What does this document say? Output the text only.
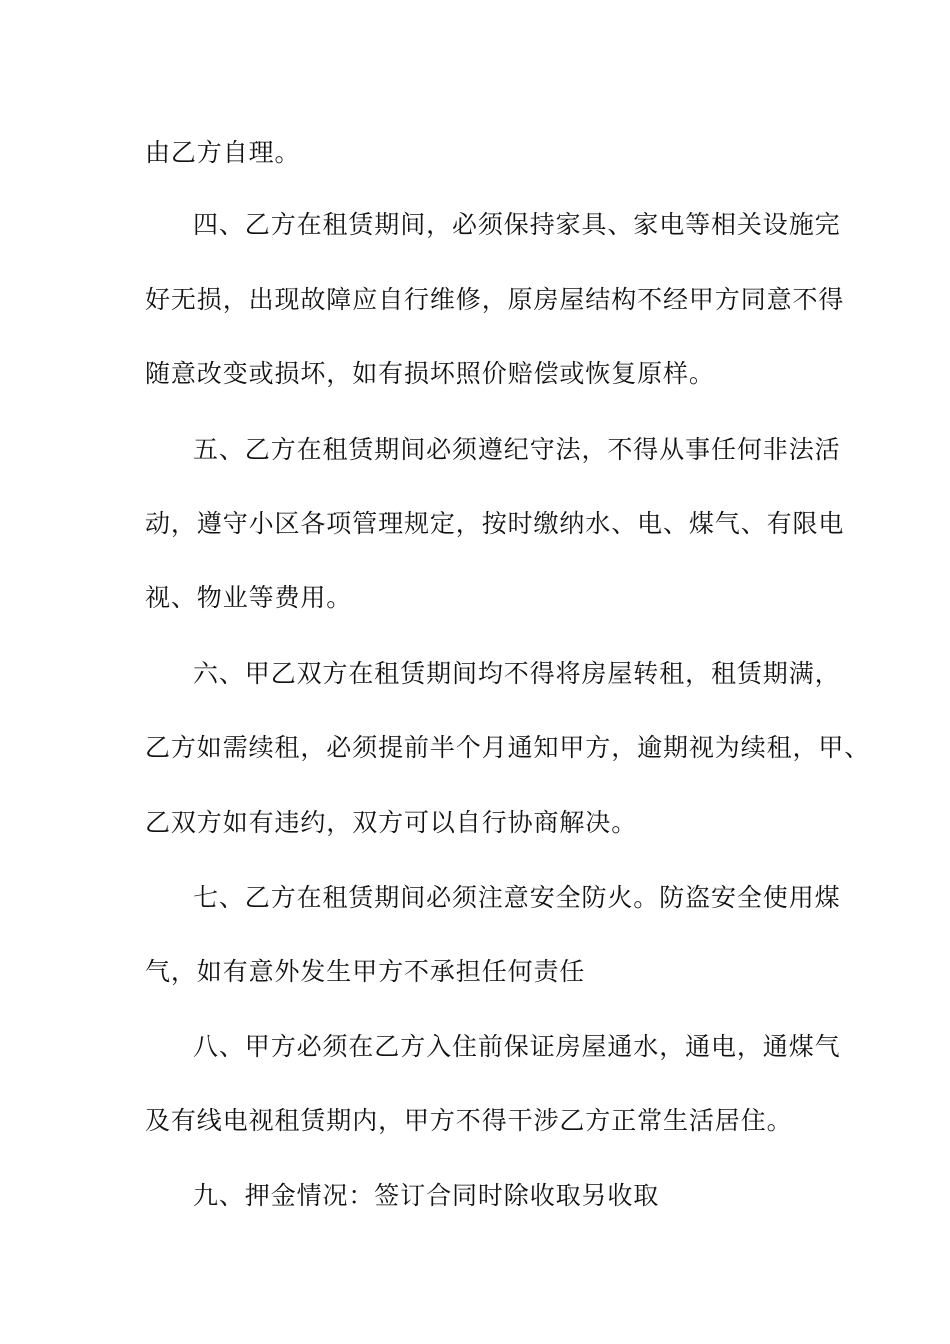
由乙方自理。
四、乙方在租赁期间，必须保持家具、家电等相关设施完
好无损，出现故障应自行维修，原房屋结构不经甲方同意不得
随意改变或损坏，如有损坏照价赔偿或恢复原样。
五、乙方在租赁期间必须遵纪守法，不得从事任何非法活
动，遵守小区各项管理规定，按时缴纳水、电、煤气、有限电
视、物业等费用。
六、甲乙双方在租赁期间均不得将房屋转租，租赁期满，
乙方如需续租，必须提前半个月通知甲方，逾期视为续租，甲、
乙双方如有违约，双方可以自行协商解决。
七、乙方在租赁期间必须注意安全防火。防盗安全使用煤
气，如有意外发生甲方不承担任何责任
八、甲方必须在乙方入住前保证房屋通水，通电，通煤气
及有线电视租赁期内，甲方不得干涉乙方正常生活居住。
九、押金情况：签订合同时除收取另收取
